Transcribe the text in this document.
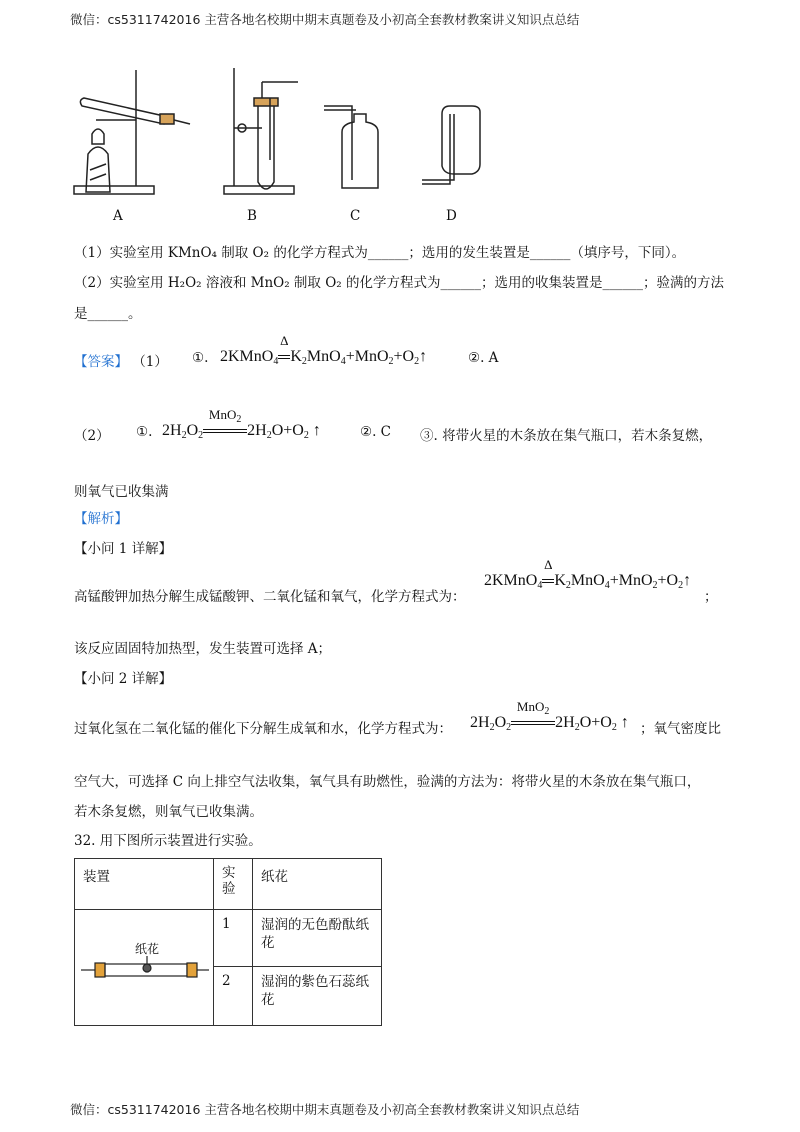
微信：cs5311742016 主营各地名校期中期末真题卷及小初高全套教材教案讲义知识点总结
A	B	C	D
（1）实验室用 KMnO₄ 制取 O₂ 的化学方程式为______；选用的发生装置是______（填序号，下同）。
（2）实验室用 H₂O₂ 溶液和 MnO₂ 制取 O₂ 的化学方程式为______；选用的收集装置是______；验满的方法
是______。
【答案】 （1） ①. 2KMnO$_4$
Δ
$K_2MnO_4+MnO_2+O_2↑$	②. A
（2） ①. $2H_2O_2$
MnO$_2$
$2H_2O+O_2$ ↑	②. C ③. 将带火星的木条放在集气瓶口，若木条复燃，
则氧气已收集满
【解析】
【小问 1 详解】
高锰酸钾加热分解生成锰酸钾、二氧化锰和氧气，化学方程式为：
2KMnO$_4$
Δ
$K_2MnO_4+MnO_2+O_2↑$
；
该反应固固特加热型，发生装置可选择 A；
【小问 2 详解】
过氧化氢在二氧化锰的催化下分解生成氧和水，化学方程式为： $2H_2O_2$
MnO$_2$
$2H_2O+O_2$ ↑ ；氧气密度比
空气大，可选择 C 向上排空气法收集，氧气具有助燃性，验满的方法为：将带火星的木条放在集气瓶口，
若木条复燃，则氧气已收集满。
32. 用下图所示装置进行实验。
装置	实验	纸花

纸花	1	湿润的无色酚酞纸花
	2	湿润的紫色石蕊纸花
微信：cs5311742016 主营各地名校期中期末真题卷及小初高全套教材教案讲义知识点总结
